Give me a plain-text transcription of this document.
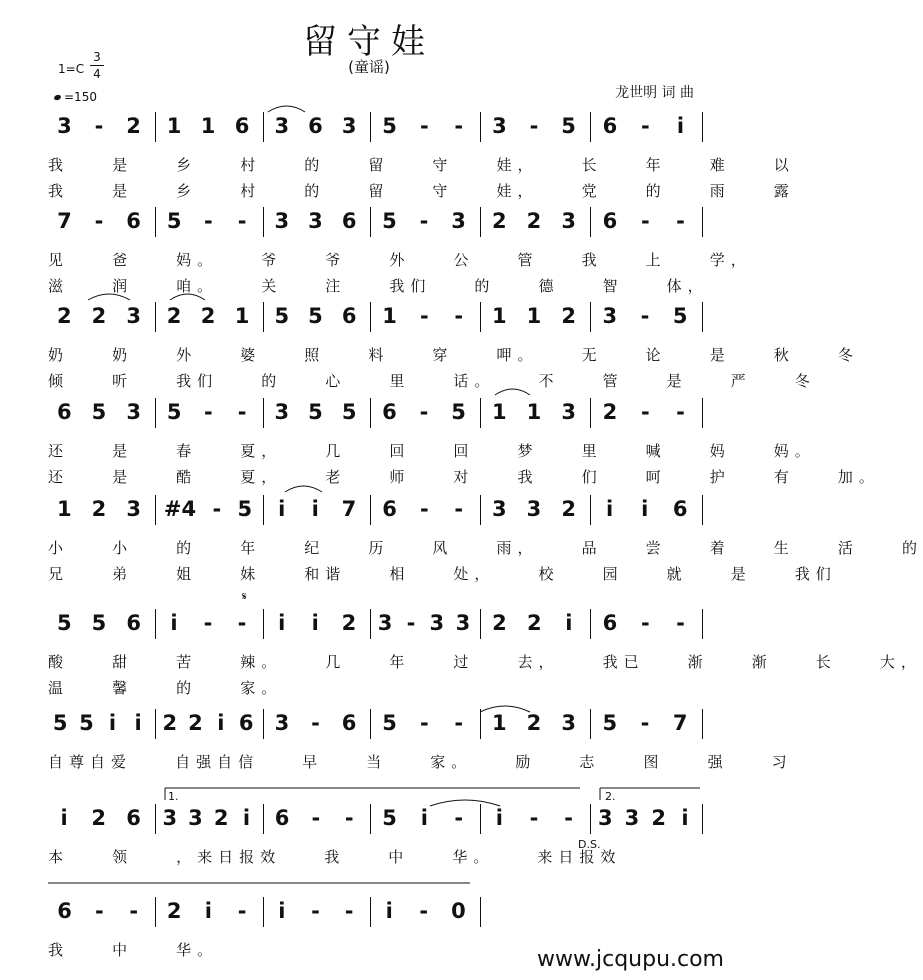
留守娃
(童谣)
1=C
3
4
=150	龙世明 词 曲
3 - 2 1 1 6 3 6 3 5 - - 3 - 5 6 - i
我    是    乡    村    的    留    守    娃，    长    年    难    以
我    是    乡    村    的    留    守    娃，    党    的    雨    露
7 - 6 5 - - 3 3 6 5 - 3 2 2 3 6 - -
见    爸    妈。    爷    爷    外    公    管    我    上    学，
滋    润    咱。    关    注    我们    的    德    智    体，
2 2 3 2 2 1 5 5 6 1 - - 1 1 2 3 - 5
奶    奶    外    婆    照    料    穿    呷。    无    论    是    秋    冬
倾    听    我们    的    心    里    话。    不    管    是    严    冬
6 5 3 5 - - 3 5 5 6 - 5 1 1 3 2 - -
还    是    春    夏，    几    回    回    梦    里    喊    妈    妈。
还    是    酷    夏，    老    师    对    我    们    呵    护    有    加。
1 2 3 #4 - 5 i i 7 6 - - 3 3 2 i i 6
小    小    的    年    纪    历    风    雨，    品    尝    着    生    活    的
兄    弟    姐    妹    和谐    相    处，    校    园    就    是    我们
5 5 6 i - - i i 2 3 - 3 3 2 2 i 6 - -
酸    甜    苦    辣。    几    年    过    去，    我已    渐    渐    长    大，
温    馨    的    家。
5 5 i i 2 2 i 6 3 - 6 5 - - 1 2 3 5 - 7
自尊自爱    自强自信    早    当    家。    励    志    图    强    习
i 2 6 3 3 2 i 6 - - 5 i - i - - 3 3 2 i
本    领    ，来日报效    我    中    华。    来日报效
6 - - 2 i - i - - i - 0
我    中    华。	www.jcqupu.com
1.	2.
D.S.
𝄋
